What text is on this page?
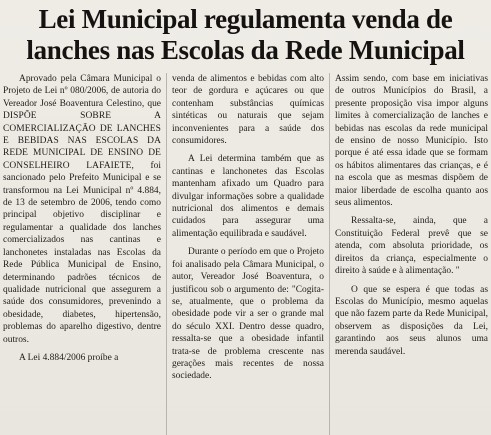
Lei Municipal regulamenta venda de
lanches nas Escolas da Rede Municipal

Aprovado pela Câmara Municipal o Projeto de Lei nº 080/2006, de autoria do Vereador José Boaventura Celestino, que DISPÕE SOBRE A COMERCIALIZAÇÃO DE LANCHES E BEBIDAS NAS ESCOLAS DA REDE MUNICIPAL DE ENSINO DE CONSELHEIRO LAFAIETE, foi sancionado pelo Prefeito Municipal e se transformou na Lei Municipal nº 4.884, de 13 de setembro de 2006, tendo como principal objetivo disciplinar e regulamentar a qualidade dos lanches comercializados nas cantinas e lanchonetes instaladas nas Escolas da Rede Pública Municipal de Ensino, determinando padrões técnicos de qualidade nutricional que assegurem a saúde dos consumidores, prevenindo a obesidade, diabetes, hipertensão, problemas do aparelho digestivo, dentre outros.

A Lei 4.884/2006 proíbe a

venda de alimentos e bebidas com alto teor de gordura e açúcares ou que contenham substâncias químicas sintéticas ou naturais que sejam inconvenientes para a saúde dos consumidores.

A Lei determina também que as cantinas e lanchonetes das Escolas mantenham afixado um Quadro para divulgar informações sobre a qualidade nutricional dos alimentos e demais cuidados para assegurar uma alimentação equilibrada e saudável.

Durante o período em que o Projeto foi analisado pela Câmara Municipal, o autor, Vereador José Boaventura, o justificou sob o argumento de: "Cogita-se, atualmente, que o problema da obesidade pode vir a ser o grande mal do século XXI. Dentro desse quadro, ressalta-se que a obesidade infantil trata-se de problema crescente nas gerações mais recentes de nossa sociedade.

Assim sendo, com base em iniciativas de outros Municípios do Brasil, a presente proposição visa impor alguns limites à comercialização de lanches e bebidas nas escolas da rede municipal de ensino de nosso Município. Isto porque é até essa idade que se formam os hábitos alimentares das crianças, e é na escola que as mesmas dispõem de maior liberdade de escolha quanto aos seus alimentos.

Ressalta-se, ainda, que a Constituição Federal prevê que se atenda, com absoluta prioridade, os direitos da criança, especialmente o direito à saúde e à alimentação. "

O que se espera é que todas as Escolas do Município, mesmo aquelas que não fazem parte da Rede Municipal, observem as disposições da Lei, garantindo aos seus alunos uma merenda saudável.
